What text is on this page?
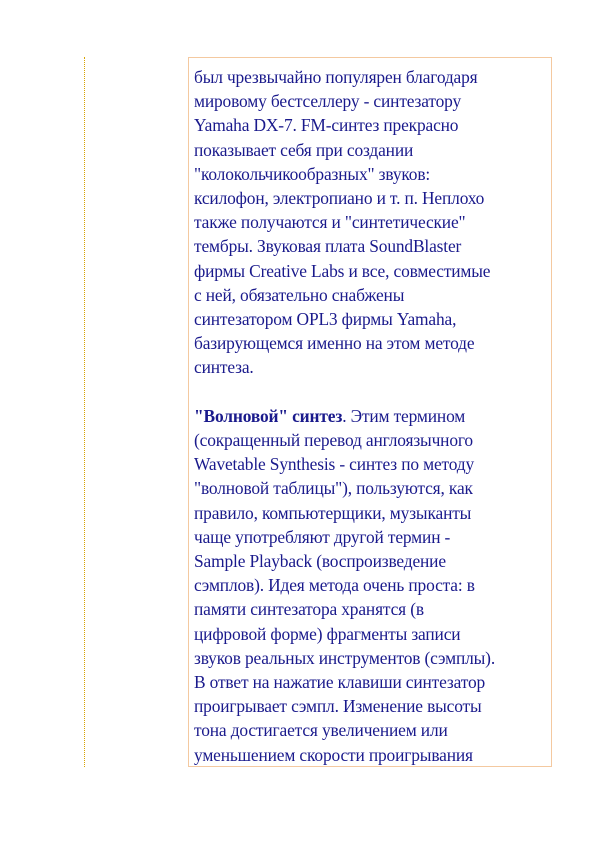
был чрезвычайно популярен благодаря
мировому бестселлеру - синтезатору
Yamaha DX-7. FM-синтез прекрасно
показывает себя при создании
"колокольчикообразных" звуков:
ксилофон, электропиано и т. п. Неплохо
также получаются и "синтетические"
тембры. Звуковая плата SoundBlaster
фирмы Creative Labs и все, совместимые
с ней, обязательно снабжены
синтезатором OPL3 фирмы Yamaha,
базирующемся именно на этом методе
синтеза.

"Волновой" синтез. Этим термином
(сокращенный перевод англоязычного
Wavetable Synthesis - синтез по методу
"волновой таблицы"), пользуются, как
правило, компьютерщики, музыканты
чаще употребляют другой термин -
Sample Playback (воспроизведение
сэмплов). Идея метода очень проста: в
памяти синтезатора хранятся (в
цифровой форме) фрагменты записи
звуков реальных инструментов (сэмплы).
В ответ на нажатие клавиши синтезатор
проигрывает сэмпл. Изменение высоты
тона достигается увеличением или
уменьшением скорости проигрывания
